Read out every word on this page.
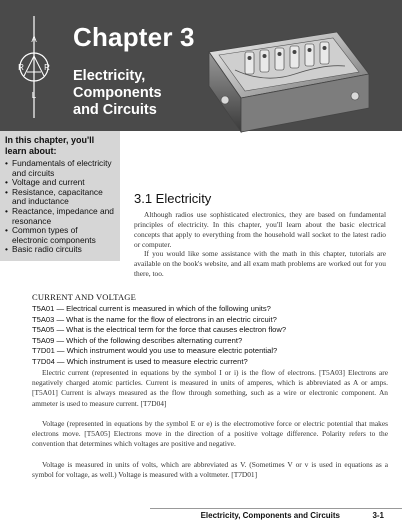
A
R	R
L
Chapter 3
Electricity,
Components
and Circuits
In this chapter, you'll
learn about:
• Fundamentals of electricity and circuits
• Voltage and current
• Resistance, capacitance and inductance
• Reactance, impedance and resonance
• Common types of electronic components
• Basic radio circuits
3.1 Electricity

Although radios use sophisticated electronics, they are based on fundamental principles of electricity. In this chapter, you'll learn about the basic electrical concepts that apply to everything from the household wall socket to the latest radio or computer.

If you would like some assistance with the math in this chapter, tutorials are available on the book's website, and all exam math problems are worked out for you there, too.

CURRENT AND VOLTAGE
T5A01 — Electrical current is measured in which of the following units?
T5A03 — What is the name for the flow of electrons in an electric circuit?
T5A05 — What is the electrical term for the force that causes electron flow?
T5A09 — Which of the following describes alternating current?
T7D01 — Which instrument would you use to measure electric potential?
T7D04 — Which instrument is used to measure electric current?

Electric current (represented in equations by the symbol I or i) is the flow of electrons. [T5A03] Electrons are negatively charged atomic particles. Current is measured in units of amperes, which is abbreviated as A or amps. [T5A01] Current is always measured as the flow through something, such as a wire or electronic component. An ammeter is used to measure current. [T7D04]

Voltage (represented in equations by the symbol E or e) is the electromotive force or electric potential that makes electrons move. [T5A05] Electrons move in the direction of a positive voltage difference. Polarity refers to the convention that determines which voltages are positive and negative.

Voltage is measured in units of volts, which are abbreviated as V. (Sometimes V or v is used in equations as a symbol for voltage, as well.) Voltage is measured with a voltmeter. [T7D01]

Electricity, Components and Circuits	3-1
